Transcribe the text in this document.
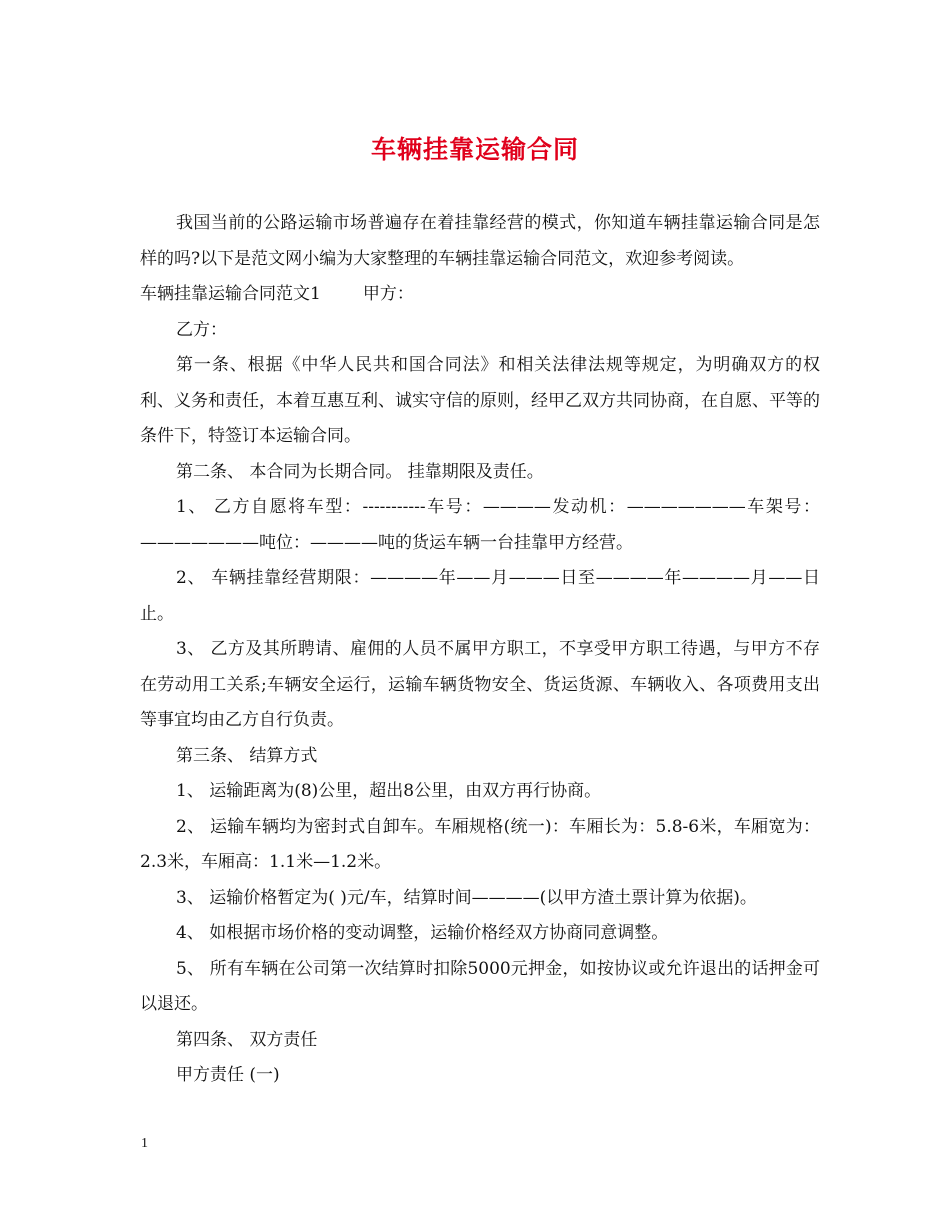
车辆挂靠运输合同

我国当前的公路运输市场普遍存在着挂靠经营的模式，你知道车辆挂靠运输合同是怎样的吗?以下是范文网小编为大家整理的车辆挂靠运输合同范文，欢迎参考阅读。

车辆挂靠运输合同范文1 甲方：

乙方：

第一条、根据《中华人民共和国合同法》和相关法律法规等规定，为明确双方的权利、义务和责任，本着互惠互利、诚实守信的原则，经甲乙双方共同协商，在自愿、平等的条件下，特签订本运输合同。

第二条、 本合同为长期合同。 挂靠期限及责任。

1、 乙方自愿将车型：-----------车号：————发动机：———————车架号：———————吨位：————吨的货运车辆一台挂靠甲方经营。

2、 车辆挂靠经营期限：————年——月———日至————年————月——日止。

3、 乙方及其所聘请、雇佣的人员不属甲方职工，不享受甲方职工待遇，与甲方不存在劳动用工关系;车辆安全运行，运输车辆货物安全、货运货源、车辆收入、各项费用支出等事宜均由乙方自行负责。

第三条、 结算方式

1、 运输距离为(8)公里，超出8公里，由双方再行协商。

2、 运输车辆均为密封式自卸车。车厢规格(统一)：车厢长为：5.8-6米，车厢宽为：2.3米，车厢高：1.1米—1.2米。

3、 运输价格暂定为( )元/车，结算时间————(以甲方渣土票计算为依据)。

4、 如根据市场价格的变动调整，运输价格经双方协商同意调整。

5、 所有车辆在公司第一次结算时扣除5000元押金，如按协议或允许退出的话押金可以退还。

第四条、 双方责任

甲方责任 (一)

1
